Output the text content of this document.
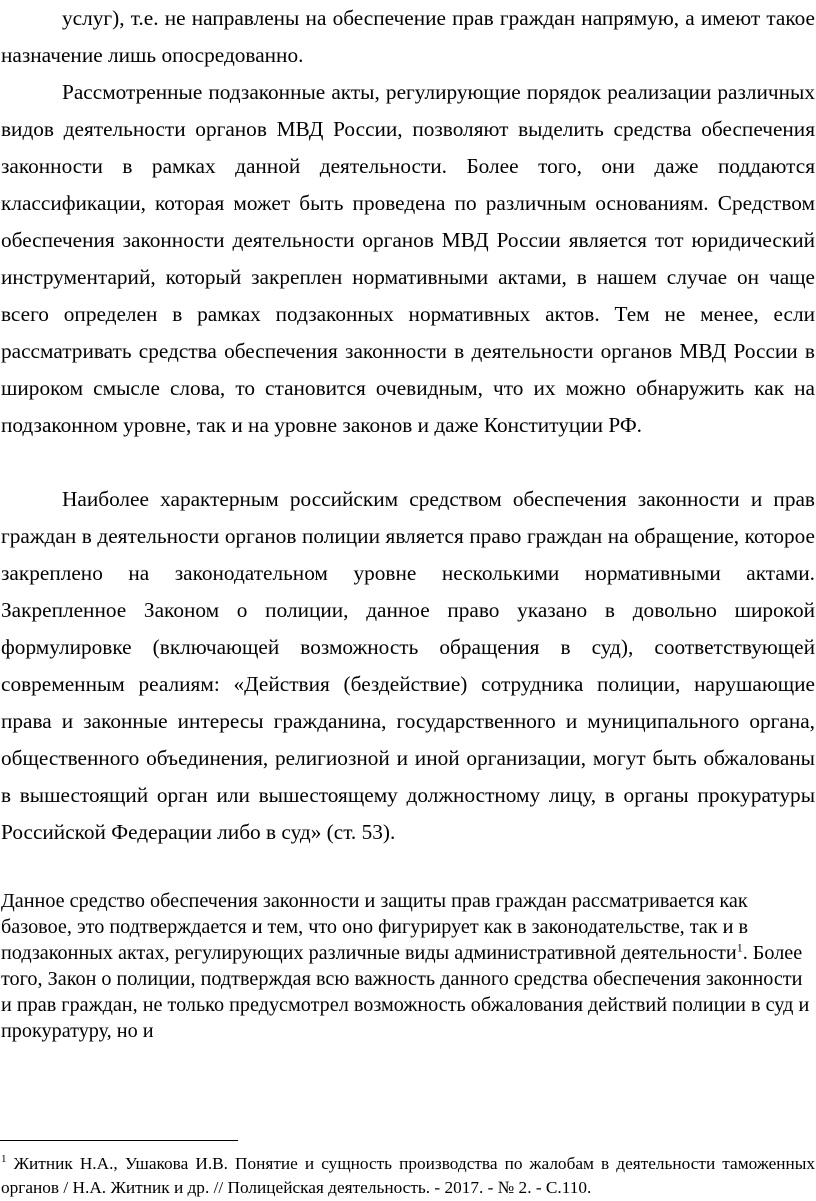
услуг), т.е. не направлены на обеспечение прав граждан напрямую, а имеют такое назначение лишь опосредованно.

Рассмотренные подзаконные акты, регулирующие порядок реализации различных видов деятельности органов МВД России, позволяют выделить средства обеспечения законности в рамках данной деятельности. Более того, они даже поддаются классификации, которая может быть проведена по различным основаниям. Средством обеспечения законности деятельности органов МВД России является тот юридический инструментарий, который закреплен нормативными актами, в нашем случае он чаще всего определен в рамках подзаконных нормативных актов. Тем не менее, если рассматривать средства обеспечения законности в деятельности органов МВД России в широком смысле слова, то становится очевидным, что их можно обнаружить как на подзаконном уровне, так и на уровне законов и даже Конституции РФ.

Наиболее характерным российским средством обеспечения законности и прав граждан в деятельности органов полиции является право граждан на обращение, которое закреплено на законодательном уровне несколькими нормативными актами. Закрепленное Законом о полиции, данное право указано в довольно широкой формулировке (включающей возможность обращения в суд), соответствующей современным реалиям: «Действия (бездействие) сотрудника полиции, нарушающие права и законные интересы гражданина, государственного и муниципального органа, общественного объединения, религиозной и иной организации, могут быть обжалованы в вышестоящий орган или вышестоящему должностному лицу, в органы прокуратуры Российской Федерации либо в суд» (ст. 53).

Данное средство обеспечения законности и защиты прав граждан рассматривается как базовое, это подтверждается и тем, что оно фигурирует как в законодательстве, так и в подзаконных актах, регулирующих различные виды административной деятельности$^1$. Более того, Закон о полиции, подтверждая всю важность данного средства обеспечения законности и прав граждан, не только предусмотрел возможность обжалования действий полиции в суд и прокуратуру, но и

$^1$ Житник Н.А., Ушакова И.В. Понятие и сущность производства по жалобам в деятельности таможенных органов / Н.А. Житник и др. // Полицейская деятельность. - 2017. - № 2. - С.110.
